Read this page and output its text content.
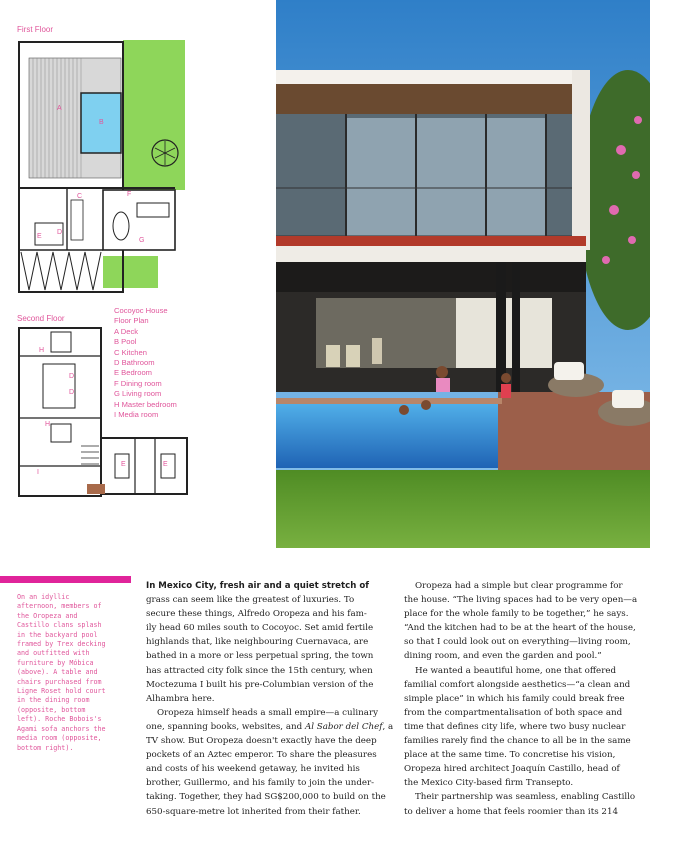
First Floor
Second Floor
Cocoyoc House
Floor Plan
A Deck
B Pool
C Kitchen
D Bathroom
E Bedroom
F Dining room
G Living room
H Master bedroom
I Media room
A
B
C
D
E
F
G
H
D
D
H
I
E	E

On an idyllic

afternoon, members of

the Oropeza and

Castillo clans splash

in the backyard pool

framed by Trex decking

and outfitted with

furniture by Móbica

(above). A table and

chairs purchased from

Ligne Roset hold court

in the dining room

(opposite, bottom

left). Roche Bobois's

Agami sofa anchors the

media room (opposite,

bottom right).

In Mexico City, fresh air and a quiet stretch of

grass can seem like the greatest of luxuries. To

secure these things, Alfredo Oropeza and his fam-

ily head 60 miles south to Cocoyoc. Set amid fertile

highlands that, like neighbouring Cuernavaca, are

bathed in a more or less perpetual spring, the town

has attracted city folk since the 15th century, when

Moctezuma I built his pre-Columbian version of the

Alhambra here.

Oropeza himself heads a small empire—a culinary

one, spanning books, websites, and Al Sabor del Chef, a

TV show. But Oropeza doesn't exactly have the deep

pockets of an Aztec emperor. To share the pleasures

and costs of his weekend getaway, he invited his

brother, Guillermo, and his family to join the under-

taking. Together, they had SG$200,000 to build on the

650-square-metre lot inherited from their father.

Oropeza had a simple but clear programme for

the house. “The living spaces had to be very open—a

place for the whole family to be together,” he says.

“And the kitchen had to be at the heart of the house,

so that I could look out on everything—living room,

dining room, and even the garden and pool.”

He wanted a beautiful home, one that offered

familial comfort alongside aesthetics—“a clean and

simple place” in which his family could break free

from the compartmentalisation of both space and

time that defines city life, where two busy nuclear

families rarely find the chance to all be in the same

place at the same time. To concretise his vision,

Oropeza hired architect Joaquín Castillo, head of

the Mexico City-based firm Transepto.

Their partnership was seamless, enabling Castillo

to deliver a home that feels roomier than its 214
